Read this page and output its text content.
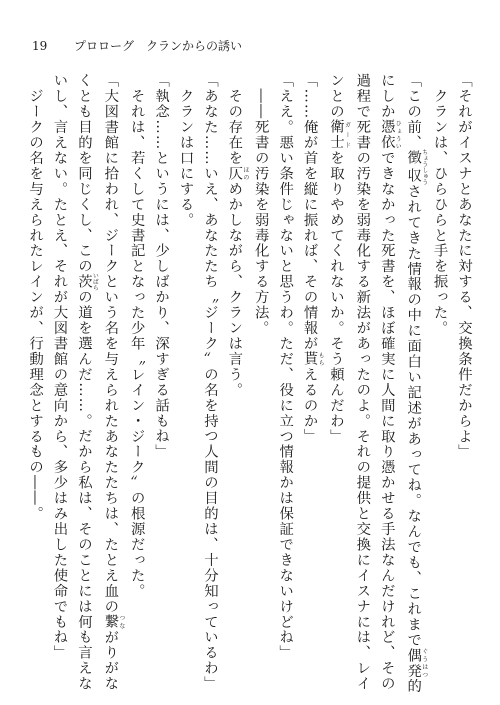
19 プロローグ　クランからの誘い
「それがイスナとあなたに対する、交換条件だからよ」
　クランは、ひらひらと手を振った。
「この前、徴収 ちょうしゅうされてきた情報の中に面白い記述があってね。なんでも、これまで偶発 ぐうはつ的
にしか憑依 ひょういできなかった死書を、ほぼ確実に人間に取り憑かせる手法なんだけれど、その
過程で死書の汚染を弱毒化する新法があったのよ。それの提供と交換にイスナには、レイ
ンとの衛士 ガードを取りやめてくれないか。そう頼んだわ」
「……俺が首を縦に振れば、その情報が貰 もらえるのか」
「ええ。悪い条件じゃないと思うわ。ただ、役に立つ情報かは保証できないけどね」
　――死書の汚染を弱毒化する方法。
　その存在を仄 ほのめかしながら、クランは言う。
「あなた……いえ、あなたたち〝ジーク〟の名を持つ人間の目的は、十分知っているわ」
　クランは口にする。
「執念……というには、少しばかり、深すぎる話もね」
　それは、若くして史書記となった少年〝レイン・ジーク〟の根源だった。
「大図書館に拾われ、ジークという名を与えられたあなたたちは、たとえ血の繋 つながりがな
くとも目的を同じくし、この茨 いばらの道を選んだ……。だから私は、そのことには何も言えな
いし、言えない。たとえ、それが大図書館の意向から、多少はみ出した使命でもね」
　ジークの名を与えられたレインが、行動理念とするもの――。
